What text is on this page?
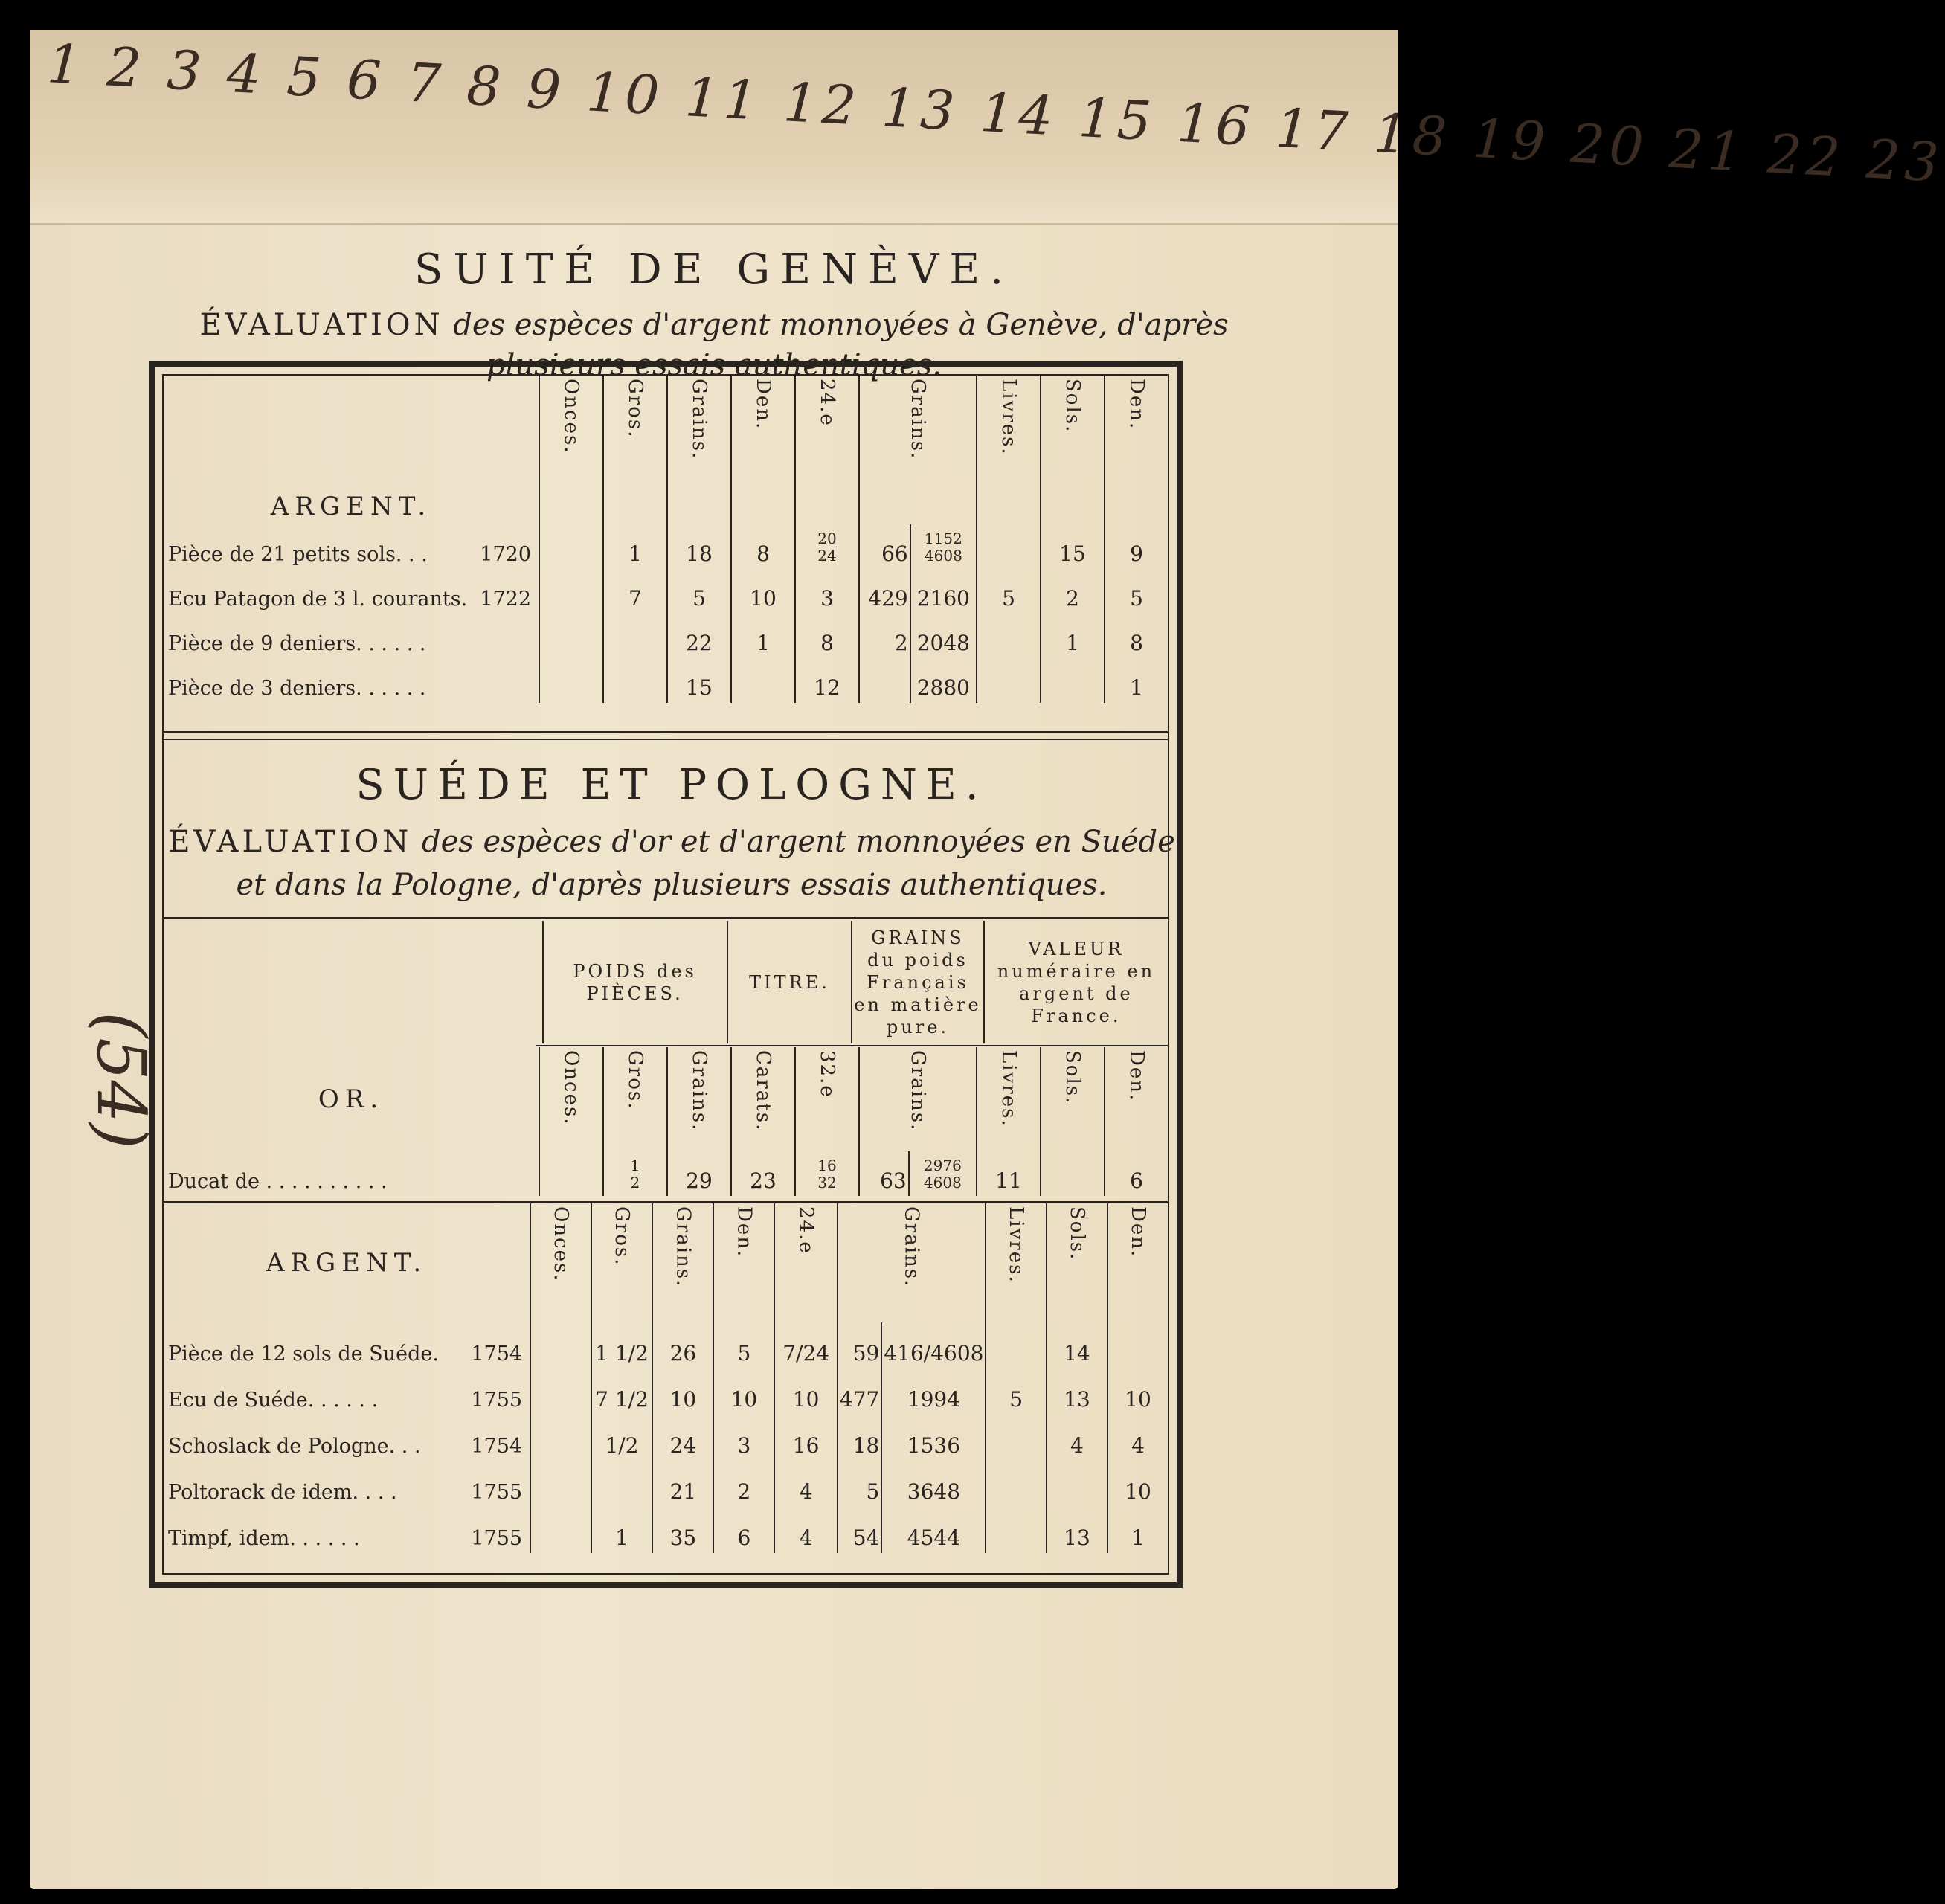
1 2 3 4 5 6 7 8 9 10 11 12 13 14 15 16 17 18 19 20 21 22 23
(54)
SUITÉ DE GENÈVE.
ÉVALUATION des espèces d'argent monnoyées à Genève, d'après plusieurs essais authentiques.
ARGENT.	Onces.	Gros.	Grains.	Den.	24.e	Grains.		Livres.	Sols.	Den.
Pièce de 21 petits sols. . . 1720		1	18	8	$\frac{20}{24}$	66	$\frac{1152}{4608}$		15	9
Ecu Patagon de 3 l. courants. 1722		7	5	10	3	429	2160	5	2	5
Pièce de 9 deniers. . . . . .			22	1	8	2	2048		1	8
Pièce de 3 deniers. . . . . .			15		12		2880			1
SUÉDE ET POLOGNE.
ÉVALUATION des espèces d'or et d'argent monnoyées en Suéde et dans la Pologne, d'après plusieurs essais authentiques.
	POIDS des PIÈCES.	TITRE.	GRAINS du poids Français en matière pure.	VALEUR numéraire en argent de France.
OR.	Onces.	Gros.	Grains.	Carats.	32.e	Grains.		Livres.	Sols.	Den.
Ducat de . . . . . . . . . .		$\frac{1}{2}$	29	23	$\frac{16}{32}$	63	$\frac{2976}{4608}$	11		6
ARGENT.	Onces.	Gros.	Grains.	Den.	24.e	Grains.		Livres.	Sols.	Den.
Pièce de 12 sols de Suéde. 1754		1 1/2	26	5	7/24	59	416/4608		14	
Ecu de Suéde. . . . . . 1755		7 1/2	10	10	10	477	1994	5	13	10
Schoslack de Pologne. . . 1754		1/2	24	3	16	18	1536		4	4
Poltorack de idem. . . . 1755			21	2	4	5	3648			10
Timpf, idem. . . . . . 1755		1	35	6	4	54	4544		13	1
